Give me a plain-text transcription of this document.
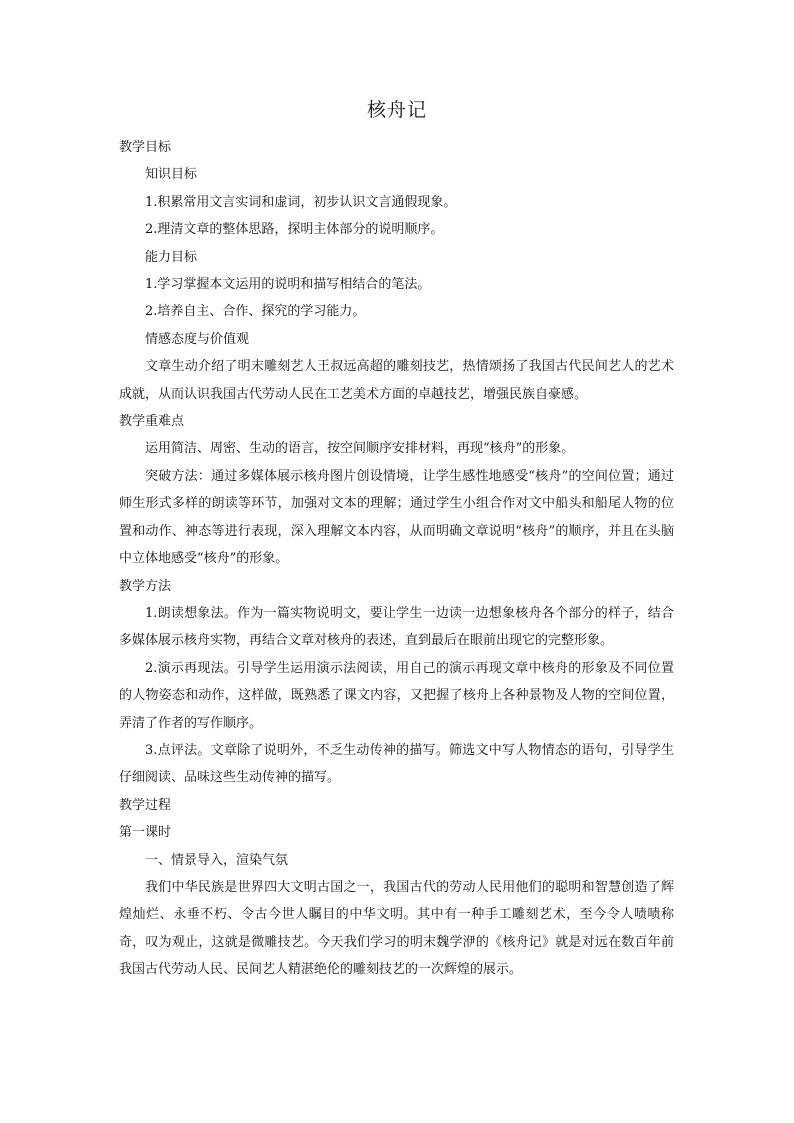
核舟记

教学目标

知识目标

1.积累常用文言实词和虚词，初步认识文言通假现象。

2.理清文章的整体思路，探明主体部分的说明顺序。

能力目标

1.学习掌握本文运用的说明和描写相结合的笔法。

2.培养自主、合作、探究的学习能力。

情感态度与价值观

文章生动介绍了明末雕刻艺人王叔远高超的雕刻技艺，热情颂扬了我国古代民间艺人的艺术成就，从而认识我国古代劳动人民在工艺美术方面的卓越技艺，增强民族自豪感。

教学重难点

运用简洁、周密、生动的语言，按空间顺序安排材料，再现“核舟”的形象。

突破方法：通过多媒体展示核舟图片创设情境，让学生感性地感受“核舟”的空间位置；通过师生形式多样的朗读等环节，加强对文本的理解；通过学生小组合作对文中船头和船尾人物的位置和动作、神态等进行表现，深入理解文本内容，从而明确文章说明“核舟”的顺序，并且在头脑中立体地感受“核舟”的形象。

教学方法

1.朗读想象法。作为一篇实物说明文，要让学生一边读一边想象核舟各个部分的样子，结合多媒体展示核舟实物，再结合文章对核舟的表述，直到最后在眼前出现它的完整形象。

2.演示再现法。引导学生运用演示法阅读，用自己的演示再现文章中核舟的形象及不同位置的人物姿态和动作，这样做，既熟悉了课文内容，又把握了核舟上各种景物及人物的空间位置，弄清了作者的写作顺序。

3.点评法。文章除了说明外，不乏生动传神的描写。筛选文中写人物情态的语句，引导学生仔细阅读、品味这些生动传神的描写。

教学过程

第一课时

一、情景导入，渲染气氛

我们中华民族是世界四大文明古国之一，我国古代的劳动人民用他们的聪明和智慧创造了辉煌灿烂、永垂不朽、令古今世人瞩目的中华文明。其中有一种手工雕刻艺术，至今令人啧啧称奇，叹为观止，这就是微雕技艺。今天我们学习的明末魏学洢的《核舟记》就是对远在数百年前我国古代劳动人民、民间艺人精湛绝伦的雕刻技艺的一次辉煌的展示。
